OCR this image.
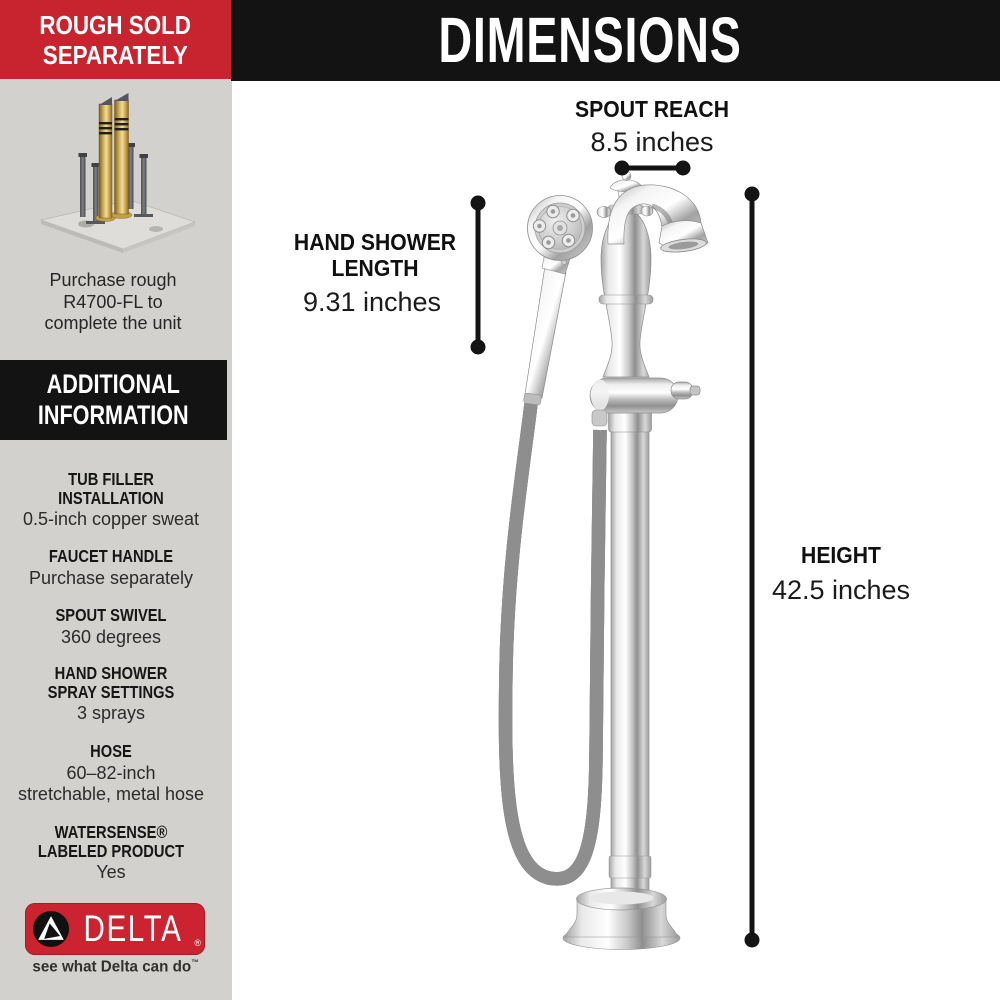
ROUGH SOLD
SEPARATELY
Purchase rough
R4700-FL to
complete the unit
ADDITIONAL
INFORMATION
TUB FILLER
INSTALLATION
0.5-inch copper sweat
FAUCET HANDLE
Purchase separately
SPOUT SWIVEL
360 degrees
HAND SHOWER
SPRAY SETTINGS
3 sprays
HOSE
60–82-inch
stretchable, metal hose
WATERSENSE®
LABELED PRODUCT
Yes
DELTA ®
see what Delta can do™
DIMENSIONS
SPOUT REACH
8.5 inches
HAND SHOWER
LENGTH
9.31 inches
HEIGHT
42.5 inches
